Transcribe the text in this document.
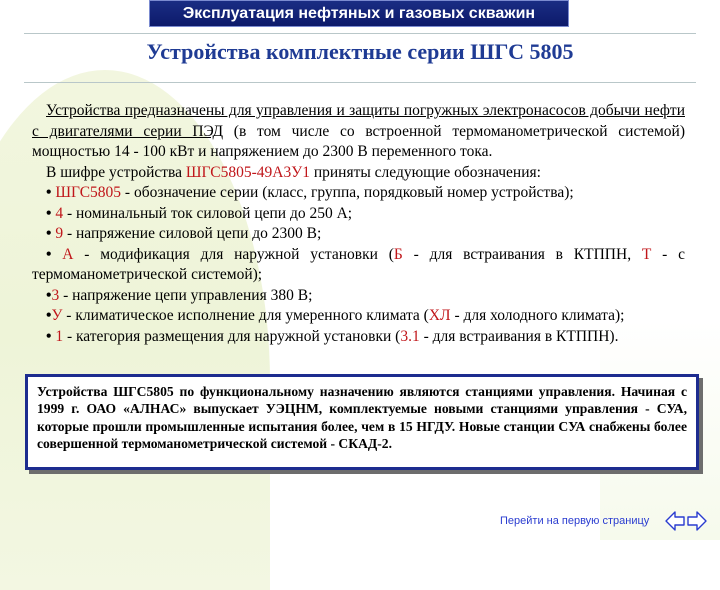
Эксплуатация нефтяных и газовых скважин
Устройства комплектные серии ШГС 5805

Устройства предназначены для управления и защиты погружных электронасосов добычи нефти с двигателями серии ПЭД (в том числе со встроенной термоманометрической системой) мощностью 14 - 100 кВт и напряжением до 2300 В переменного тока.

В шифре устройства ШГС5805-49А3У1 приняты следующие обозначения:

• ШГС5805 - обозначение серии (класс, группа, порядковый номер устройства);

• 4 - номинальный ток силовой цепи до 250 А;

• 9 - напряжение силовой цепи до 2300 В;

• А - модификация для наружной установки (Б - для встраивания в КТППН, Т - с термоманометрической системой);

•3 - напряжение цепи управления 380 В;

•У - климатическое исполнение для умеренного климата (ХЛ - для холодного климата);

• 1 - категория размещения для наружной установки (3.1 - для встраивания в КТППН).

Устройства ШГС5805 по функциональному назначению являются станциями управления. Начиная с 1999 г. ОАО «АЛНАС» выпускает УЭЦНМ, комплектуемые новыми станциями управления - СУА, которые прошли промышленные испытания более, чем в 15 НГДУ. Новые станции СУА снабжены более совершенной термоманометрической системой - СКАД-2.
Перейти на первую страницу
